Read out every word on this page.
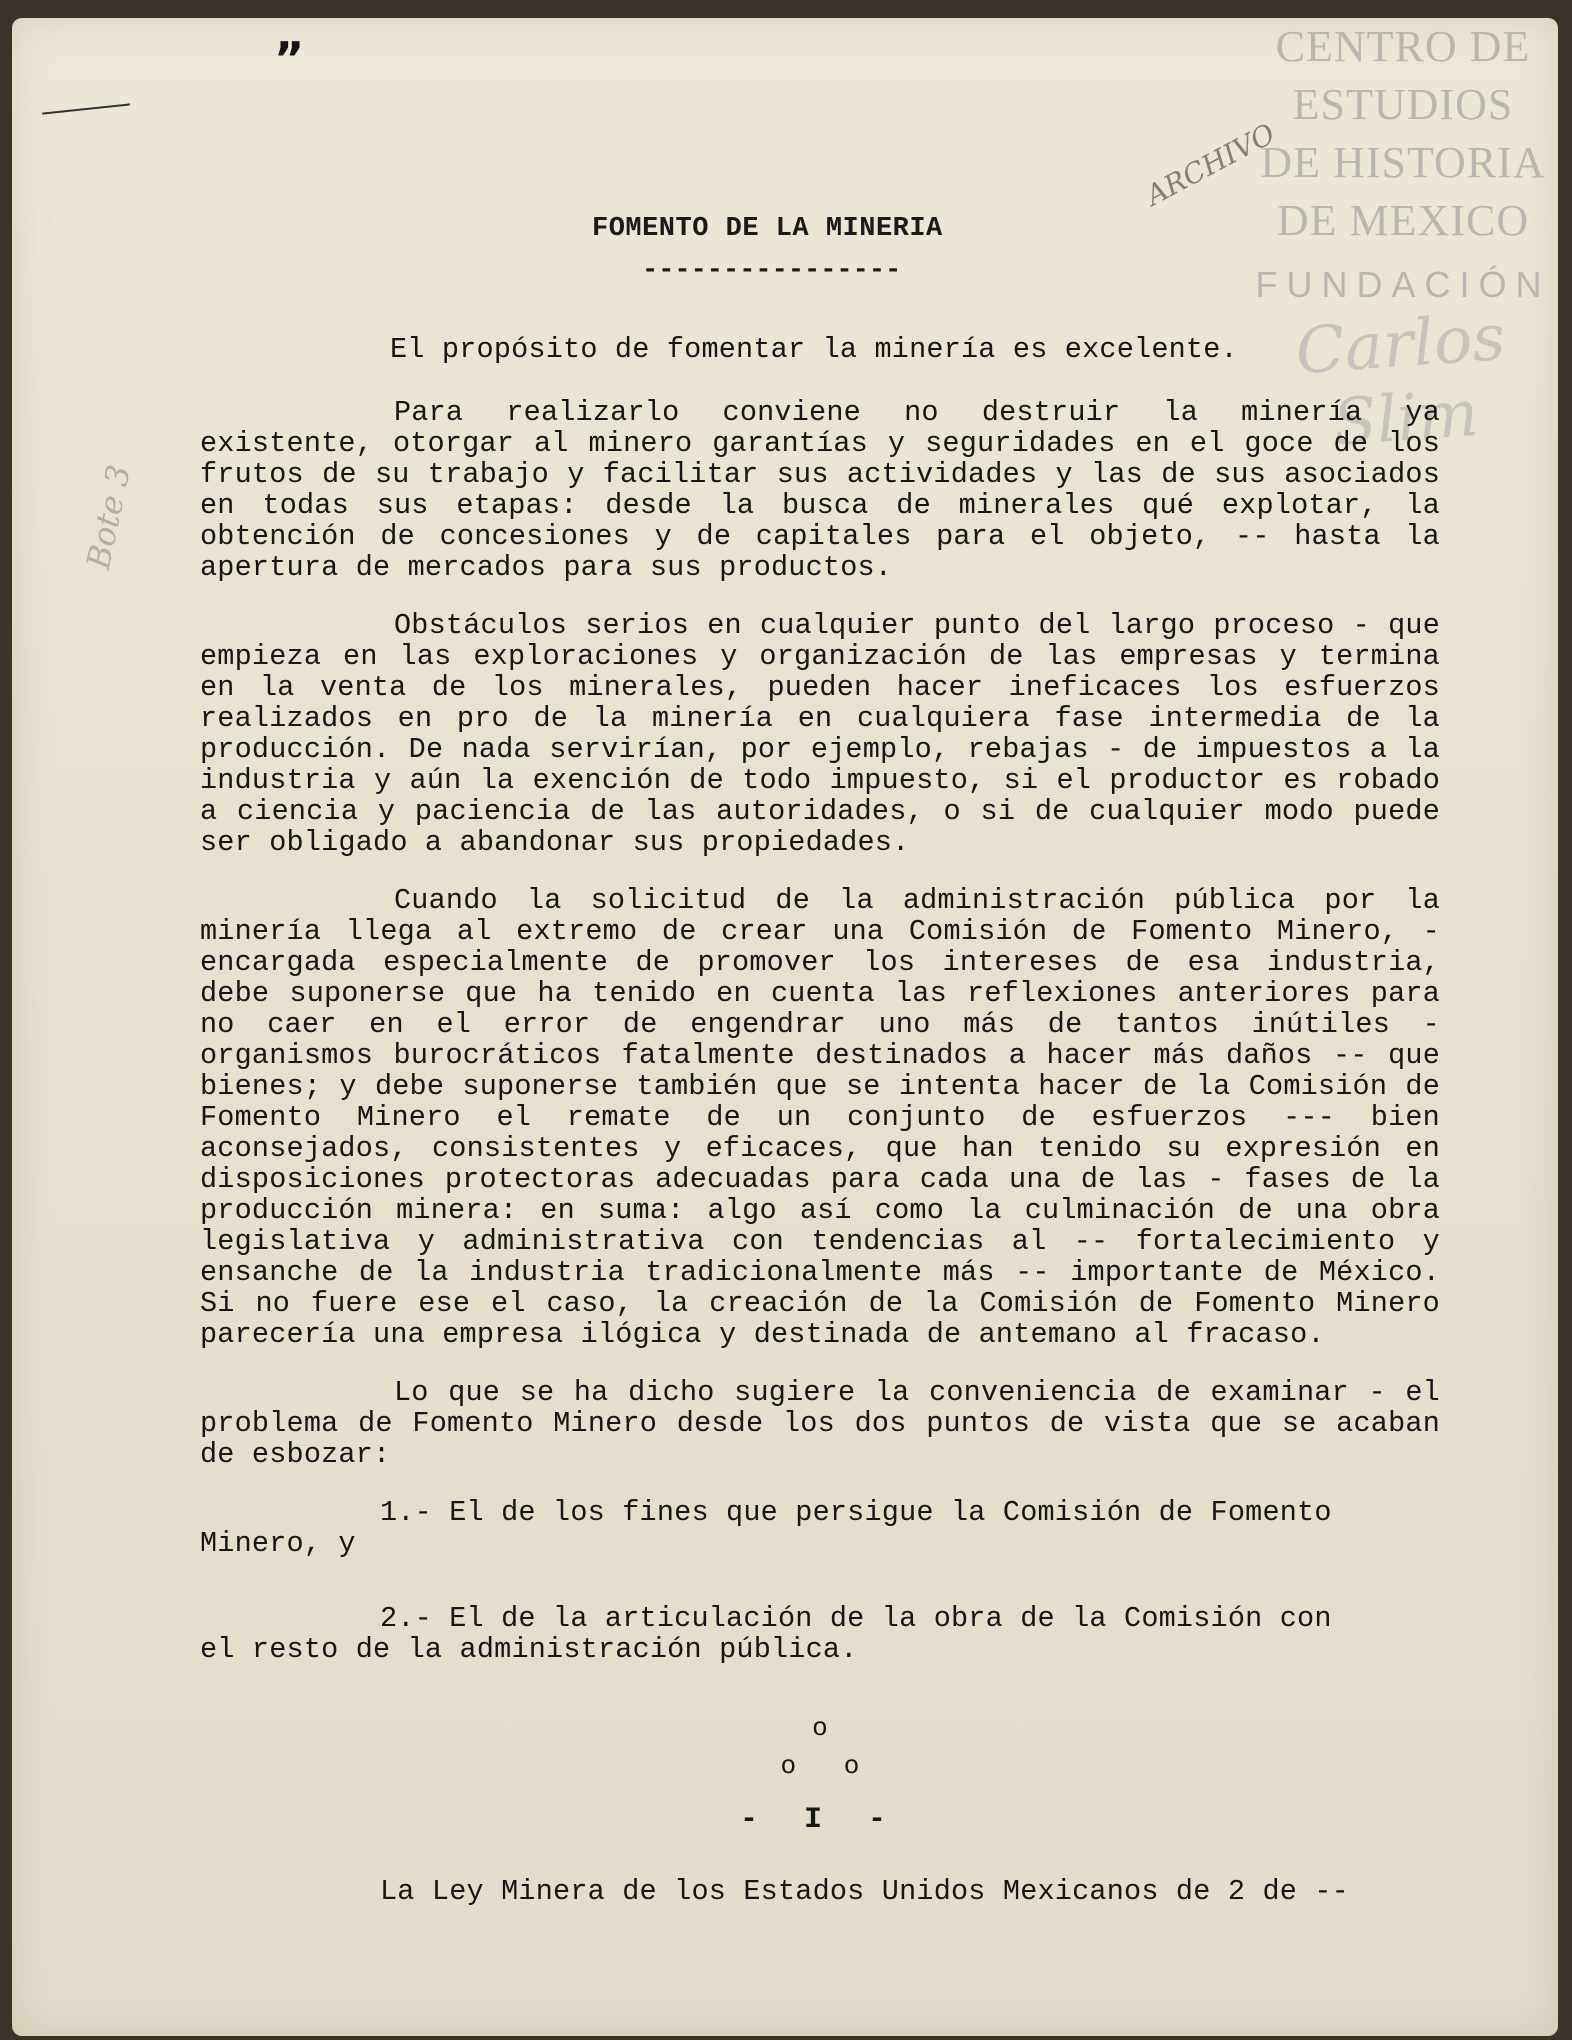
”
ARCHIVO
Bote 3
CENTRO DE
ESTUDIOS
DE HISTORIA
DE MEXICO
FUNDACIÓN
Carlos Slim
FOMENTO DE LA MINERIA
----------------

El propósito de fomentar la minería es excelente.

Para realizarlo conviene no destruir la minería ya existente, otorgar al minero garantías y seguridades en el goce de los frutos de su trabajo y facilitar sus actividades y las de sus asociados en todas sus etapas: desde la busca de minerales qué explotar, la obtención de concesiones y de capitales para el objeto, -- hasta la apertura de mercados para sus productos.

Obstáculos serios en cualquier punto del largo proceso - que empieza en las exploraciones y organización de las empresas y termina en la venta de los minerales, pueden hacer ineficaces los esfuerzos realizados en pro de la minería en cualquiera fase intermedia de la producción. De nada servirían, por ejemplo, rebajas - de impuestos a la industria y aún la exención de todo impuesto, si el productor es robado a ciencia y paciencia de las autoridades, o si de cualquier modo puede ser obligado a abandonar sus propiedades.

Cuando la solicitud de la administración pública por la minería llega al extremo de crear una Comisión de Fomento Minero, - encargada especialmente de promover los intereses de esa industria, debe suponerse que ha tenido en cuenta las reflexiones anteriores para no caer en el error de engendrar uno más de tantos inútiles - organismos burocráticos fatalmente destinados a hacer más daños -- que bienes; y debe suponerse también que se intenta hacer de la Comisión de Fomento Minero el remate de un conjunto de esfuerzos --- bien aconsejados, consistentes y eficaces, que han tenido su expresión en disposiciones protectoras adecuadas para cada una de las - fases de la producción minera: en suma: algo así como la culminación de una obra legislativa y administrativa con tendencias al -- fortalecimiento y ensanche de la industria tradicionalmente más -- importante de México. Si no fuere ese el caso, la creación de la Comisión de Fomento Minero parecería una empresa ilógica y destinada de antemano al fracaso.

Lo que se ha dicho sugiere la conveniencia de examinar - el problema de Fomento Minero desde los dos puntos de vista que se acaban de esbozar:

1.- El de los fines que persigue la Comisión de Fomento
Minero, y
2.- El de la articulación de la obra de la Comisión con
el resto de la administración pública.
o
o   o
- I -
La Ley Minera de los Estados Unidos Mexicanos de 2 de --
